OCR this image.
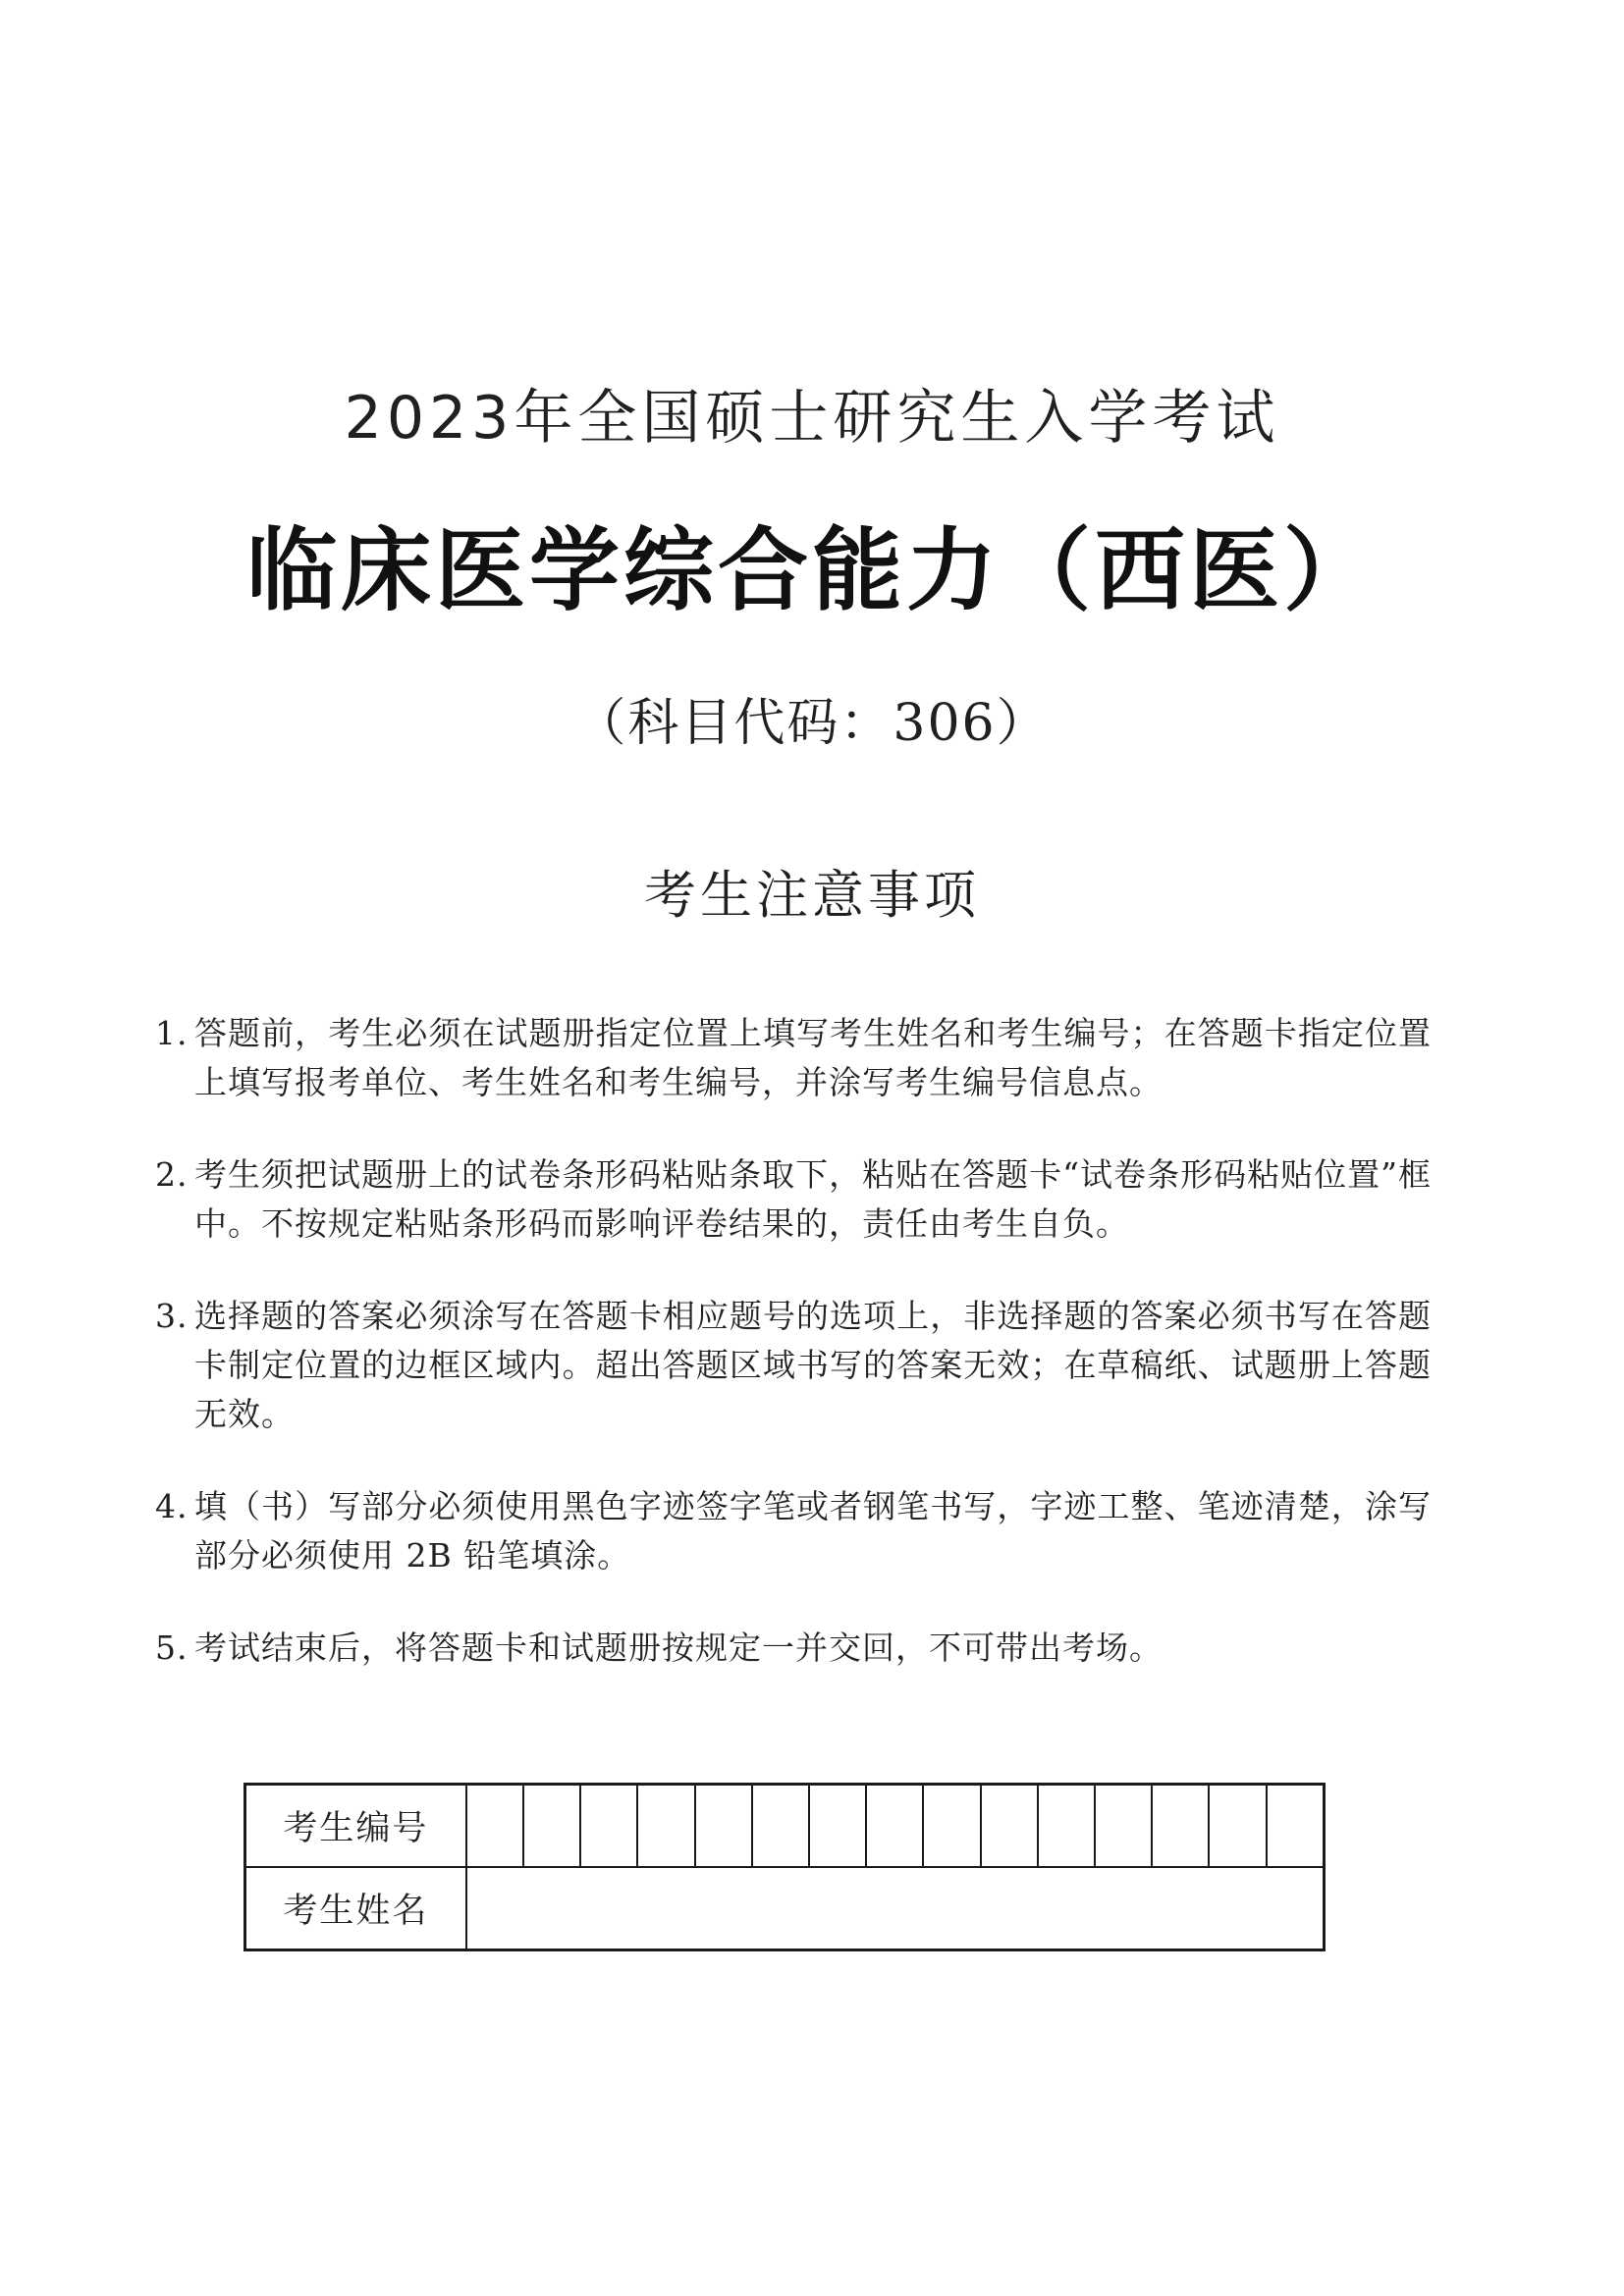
2023年全国硕士研究生入学考试
临床医学综合能力（西医）
（科目代码：306）
考生注意事项
1. 答题前，考生必须在试题册指定位置上填写考生姓名和考生编号；在答题卡指定位置上填写报考单位、考生姓名和考生编号，并涂写考生编号信息点。
2. 考生须把试题册上的试卷条形码粘贴条取下，粘贴在答题卡“试卷条形码粘贴位置”框中。不按规定粘贴条形码而影响评卷结果的，责任由考生自负。
3. 选择题的答案必须涂写在答题卡相应题号的选项上，非选择题的答案必须书写在答题卡制定位置的边框区域内。超出答题区域书写的答案无效；在草稿纸、试题册上答题无效。
4. 填（书）写部分必须使用黑色字迹签字笔或者钢笔书写，字迹工整、笔迹清楚，涂写部分必须使用 2B 铅笔填涂。
5. 考试结束后，将答题卡和试题册按规定一并交回，不可带出考场。
考生编号															
考生姓名															
